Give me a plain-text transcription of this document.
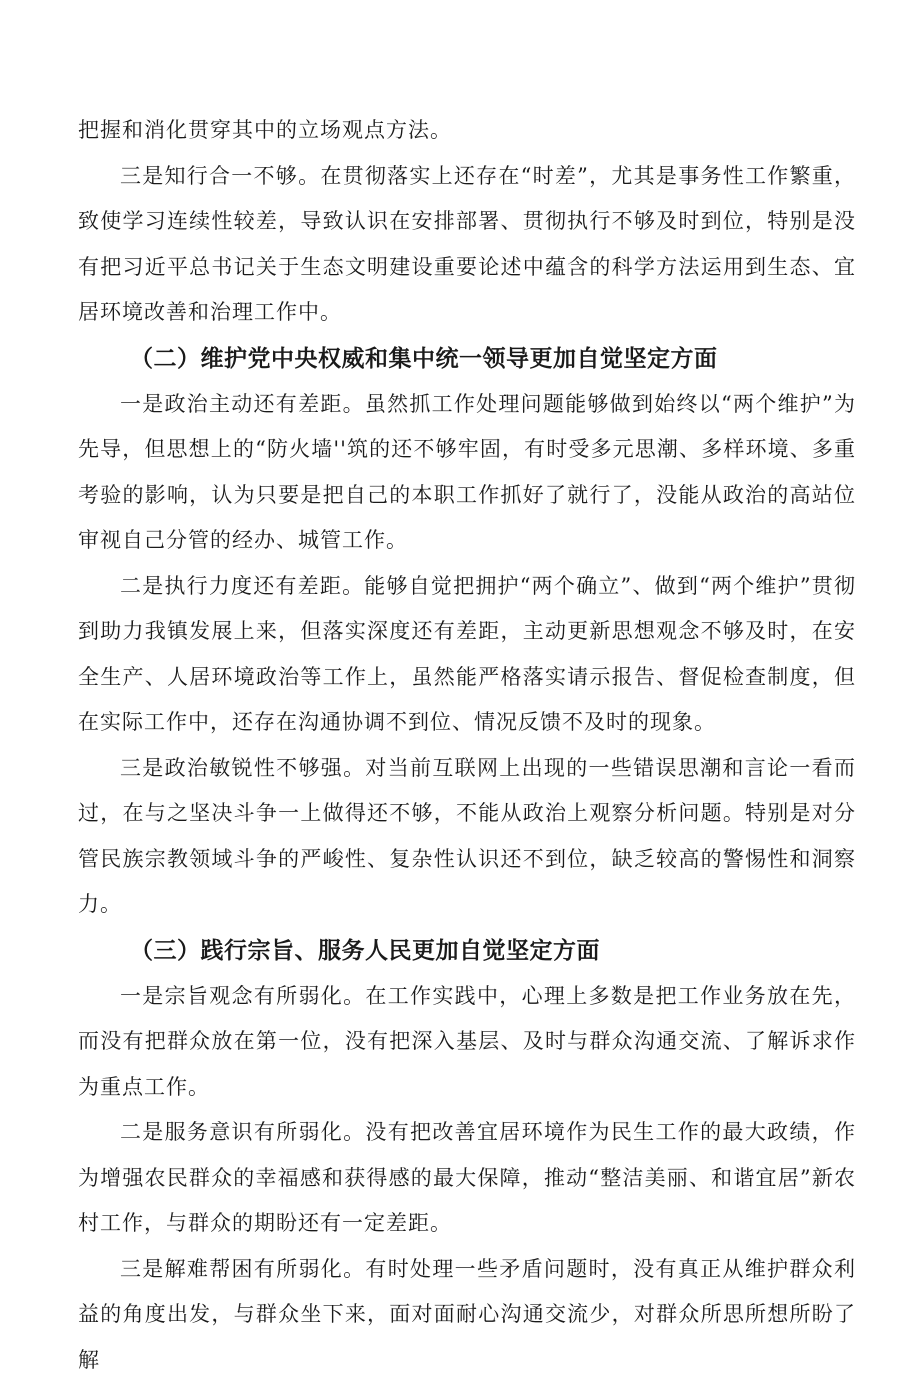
把握和消化贯穿其中的立场观点方法。

三是知行合一不够。在贯彻落实上还存在“时差”，尤其是事务性工作繁重，致使学习连续性较差，导致认识在安排部署、贯彻执行不够及时到位，特别是没有把习近平总书记关于生态文明建设重要论述中蕴含的科学方法运用到生态、宜居环境改善和治理工作中。

（二）维护党中央权威和集中统一领导更加自觉坚定方面

一是政治主动还有差距。虽然抓工作处理问题能够做到始终以“两个维护”为先导，但思想上的“防火墙''筑的还不够牢固，有时受多元思潮、多样环境、多重考验的影响，认为只要是把自己的本职工作抓好了就行了，没能从政治的高站位审视自己分管的经办、城管工作。

二是执行力度还有差距。能够自觉把拥护“两个确立”、做到“两个维护”贯彻到助力我镇发展上来，但落实深度还有差距，主动更新思想观念不够及时，在安全生产、人居环境政治等工作上，虽然能严格落实请示报告、督促检查制度，但在实际工作中，还存在沟通协调不到位、情况反馈不及时的现象。

三是政治敏锐性不够强。对当前互联网上出现的一些错误思潮和言论一看而过，在与之坚决斗争一上做得还不够，不能从政治上观察分析问题。特别是对分管民族宗教领域斗争的严峻性、复杂性认识还不到位，缺乏较高的警惕性和洞察力。

（三）践行宗旨、服务人民更加自觉坚定方面

一是宗旨观念有所弱化。在工作实践中，心理上多数是把工作业务放在先，而没有把群众放在第一位，没有把深入基层、及时与群众沟通交流、了解诉求作为重点工作。

二是服务意识有所弱化。没有把改善宜居环境作为民生工作的最大政绩，作为增强农民群众的幸福感和获得感的最大保障，推动“整洁美丽、和谐宜居”新农村工作，与群众的期盼还有一定差距。

三是解难帮困有所弱化。有时处理一些矛盾问题时，没有真正从维护群众利益的角度出发，与群众坐下来，面对面耐心沟通交流少，对群众所思所想所盼了解
